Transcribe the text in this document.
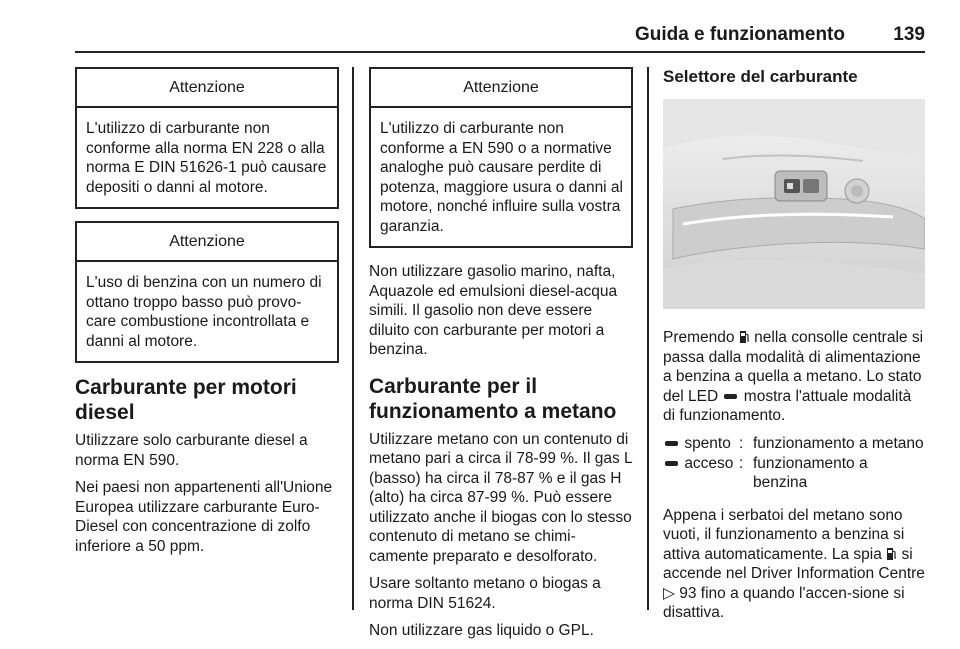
Guida e funzionamento	139
Attenzione
L'utilizzo di carburante non conforme alla norma EN 228 o alla norma E DIN 51626-1 può causare depositi o danni al motore.
Attenzione
L'uso di benzina con un numero di ottano troppo basso può provo-care combustione incontrollata e danni al motore.
Carburante per motori diesel

Utilizzare solo carburante diesel a norma EN 590.

Nei paesi non appartenenti all'Unione Europea utilizzare carburante Euro-Diesel con concentrazione di zolfo inferiore a 50 ppm.

Attenzione
L'utilizzo di carburante non conforme a EN 590 o a normative analoghe può causare perdite di potenza, maggiore usura o danni al motore, nonché influire sulla vostra garanzia.

Non utilizzare gasolio marino, nafta, Aquazole ed emulsioni diesel-acqua simili. Il gasolio non deve essere diluito con carburante per motori a benzina.

Carburante per il funzionamento a metano

Utilizzare metano con un contenuto di metano pari a circa il 78-99 %. Il gas L (basso) ha circa il 78-87 % e il gas H (alto) ha circa 87-99 %. Può essere utilizzato anche il biogas con lo stesso contenuto di metano se chimi-camente preparato e desolforato.

Usare soltanto metano o biogas a norma DIN 51624.

Non utilizzare gas liquido o GPL.

Selettore del carburante

Premendo nella consolle centrale si passa dalla modalità di alimentazione a benzina a quella a metano. Lo stato del LED mostra l'attuale modalità di funzionamento.

spento : funzionamento a metano
acceso : funzionamento a benzina

Appena i serbatoi del metano sono vuoti, il funzionamento a benzina si attiva automaticamente. La spia si accende nel Driver Information Centre ▷ 93 fino a quando l'accen-sione si disattiva.
